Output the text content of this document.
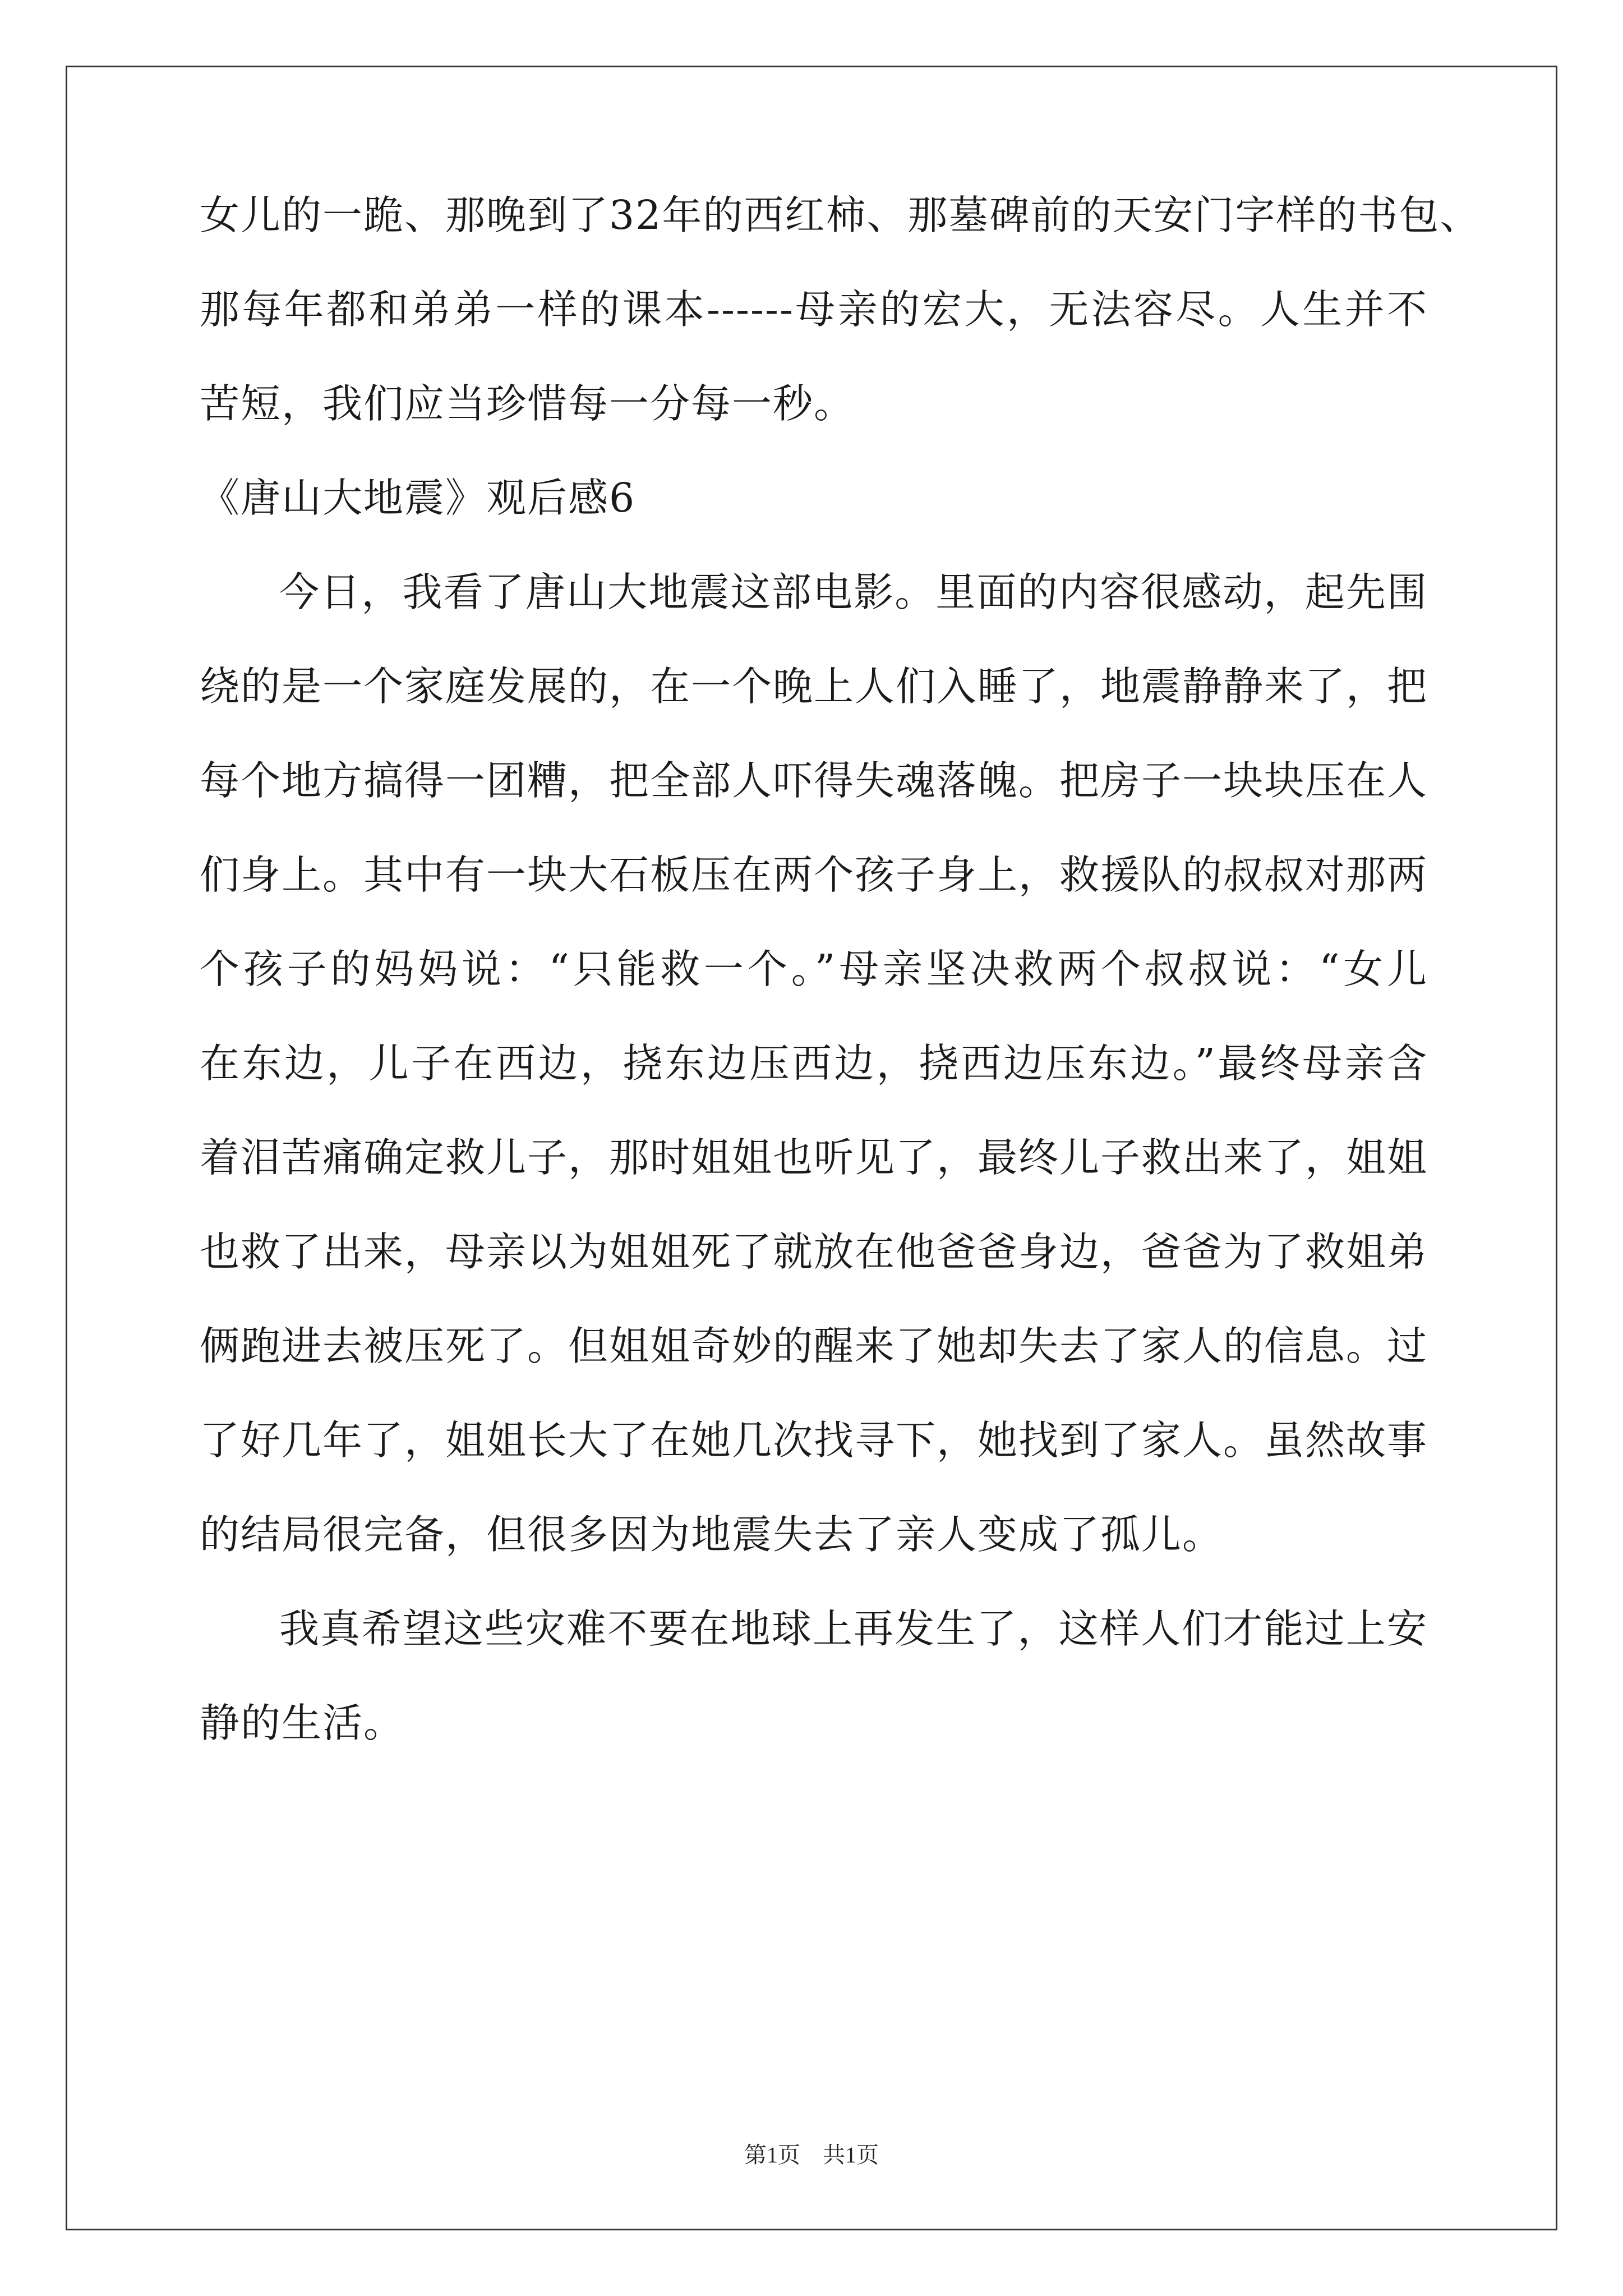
女儿的一跪、那晚到了32年的西红柿、那墓碑前的天安门字样的书包、

那每年都和弟弟一样的课本------母亲的宏大，无法容尽。人生并不

苦短，我们应当珍惜每一分每一秒。

《唐山大地震》观后感6

今日，我看了唐山大地震这部电影。里面的内容很感动，起先围

绕的是一个家庭发展的，在一个晚上人们入睡了，地震静静来了，把

每个地方搞得一团糟，把全部人吓得失魂落魄。把房子一块块压在人

们身上。其中有一块大石板压在两个孩子身上，救援队的叔叔对那两

个孩子的妈妈说：“只能救一个。”母亲坚决救两个叔叔说：“女儿

在东边，儿子在西边，挠东边压西边，挠西边压东边。”最终母亲含

着泪苦痛确定救儿子，那时姐姐也听见了，最终儿子救出来了，姐姐

也救了出来，母亲以为姐姐死了就放在他爸爸身边，爸爸为了救姐弟

俩跑进去被压死了。但姐姐奇妙的醒来了她却失去了家人的信息。过

了好几年了，姐姐长大了在她几次找寻下，她找到了家人。虽然故事

的结局很完备，但很多因为地震失去了亲人变成了孤儿。

我真希望这些灾难不要在地球上再发生了，这样人们才能过上安

静的生活。

第1页　共1页
